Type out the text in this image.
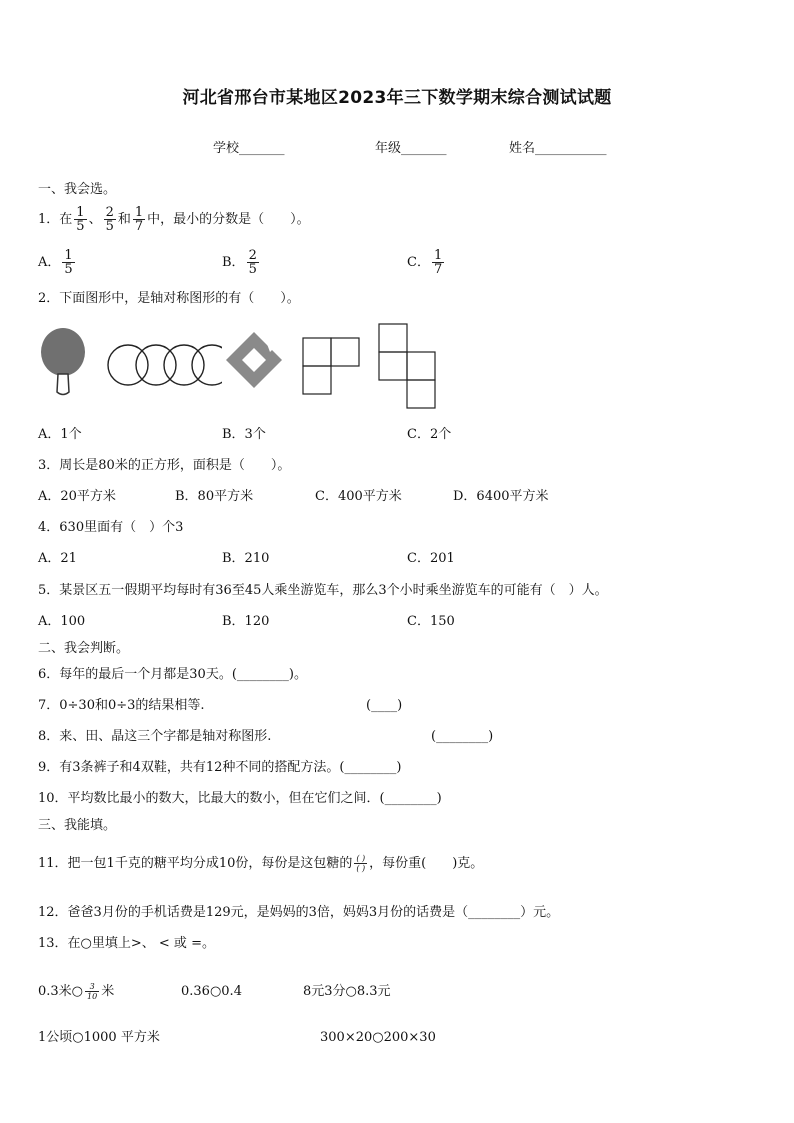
河北省邢台市某地区2023年三下数学期末综合测试试题
学校_______	年级_______	姓名___________
一、我会选。
1．在 $\frac{1}{5}$ 、 $\frac{2}{5}$ 和 $\frac{1}{7}$ 中，最小的分数是（　　）。
A． $\frac{1}{5}$	B． $\frac{2}{5}$	C． $\frac{1}{7}$
2．下面图形中，是轴对称图形的有（　　）。
A．1个	B．3个	C．2个
3．周长是80米的正方形，面积是（　　）。
A．20平方米	B．80平方米	C．400平方米	D．6400平方米
4．630里面有（　）个3
A．21	B．210	C．201
5．某景区五一假期平均每时有36至45人乘坐游览车，那么3个小时乘坐游览车的可能有（　）人。
A．100	B．120	C．150
二、我会判断。
6．每年的最后一个月都是30天。(________)。
7．0÷30和0÷3的结果相等.	(____)
8．来、田、晶这三个字都是轴对称图形.	(________)
9．有3条裤子和4双鞋，共有12种不同的搭配方法。(________)
10．平均数比最小的数大，比最大的数小，但在它们之间．(________)
三、我能填。
11．把一包1千克的糖平均分成10份，每份是这包糖的 $\frac{( )}{( )}$ ，每份重(　　)克。
12．爸爸3月份的手机话费是129元，是妈妈的3倍，妈妈3月份的话费是（________）元。
13．在○里填上>、 < 或 =。
0.3米○ $\frac{3}{10}$ 米	0.36○0.4	8元3分○8.3元
1公顷○1000 平方米	300×20○200×30
